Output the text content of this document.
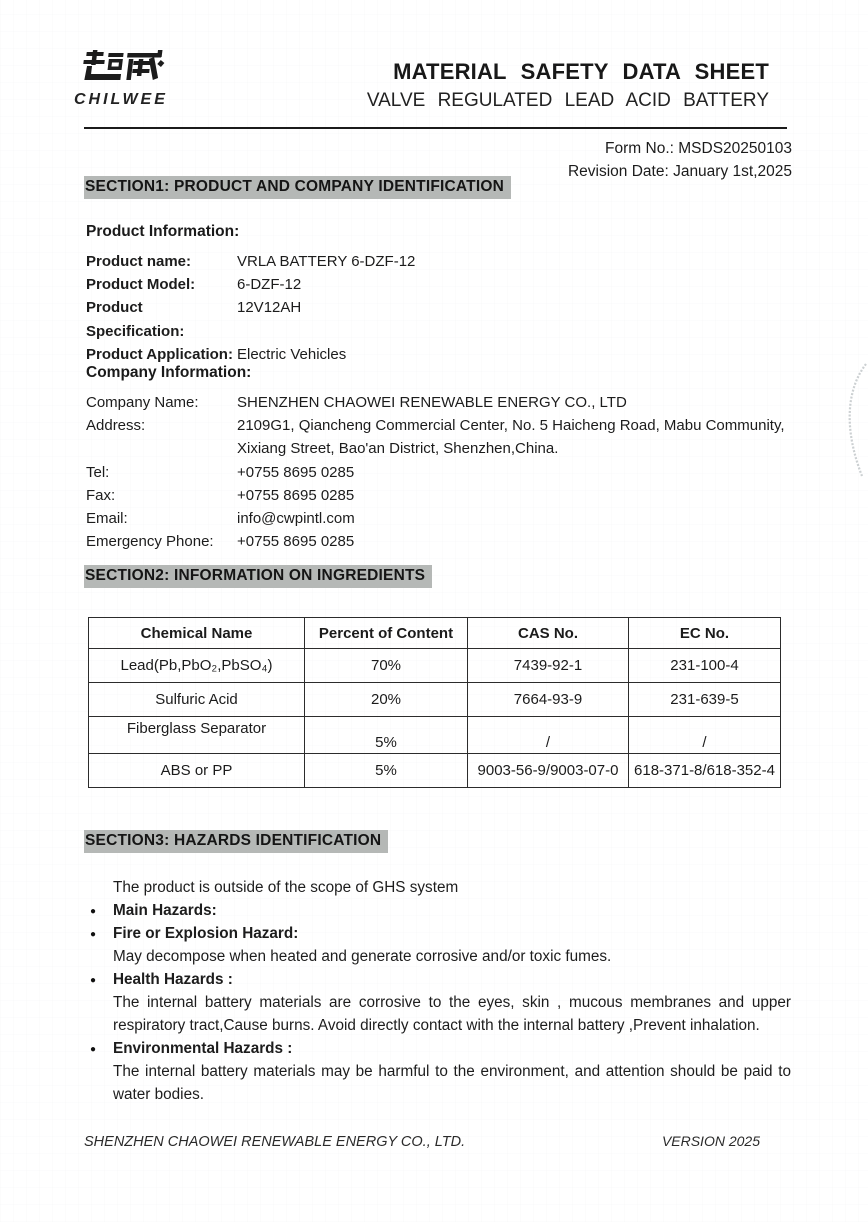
CHILWEE
MATERIAL SAFETY DATA SHEET
VALVE REGULATED LEAD ACID BATTERY
Form No.: MSDS20250103
Revision Date: January 1st,2025
SECTION1: PRODUCT AND COMPANY IDENTIFICATION
Product Information:
Product name:	VRLA BATTERY 6-DZF-12
Product Model:	6-DZF-12
Product Specification:
12V12AH
Product Application: Electric Vehicles
Company Information:
Company Name:	SHENZHEN CHAOWEI RENEWABLE ENERGY CO., LTD
Address:	2109G1, Qiancheng Commercial Center, No. 5 Haicheng Road, Mabu Community,
Xixiang Street, Bao'an District, Shenzhen,China.
Tel:	+0755 8695 0285
Fax:	+0755 8695 0285
Email:	info@cwpintl.com
Emergency Phone:	+0755 8695 0285
SECTION2: INFORMATION ON INGREDIENTS
Chemical Name	Percent of Content	CAS No.	EC No.
Lead(Pb,PbO₂,PbSO₄)	70%	7439-92-1	231-100-4
Sulfuric Acid	20%	7664-93-9	231-639-5
Fiberglass Separator	5%	/	/
ABS or PP	5%	9003-56-9/9003-07-0	618-371-8/618-352-4
SECTION3: HAZARDS IDENTIFICATION
The product is outside of the scope of GHS system
● Main Hazards:
● Fire or Explosion Hazard:
May decompose when heated and generate corrosive and/or toxic fumes.
● Health Hazards :
The internal battery materials are corrosive to the eyes, skin , mucous membranes and upper respiratory tract,Cause burns. Avoid directly contact with the internal battery ,Prevent inhalation.
● Environmental Hazards :
The internal battery materials may be harmful to the environment, and attention should be paid to water bodies.
SHENZHEN CHAOWEI RENEWABLE ENERGY CO., LTD.	VERSION 2025
